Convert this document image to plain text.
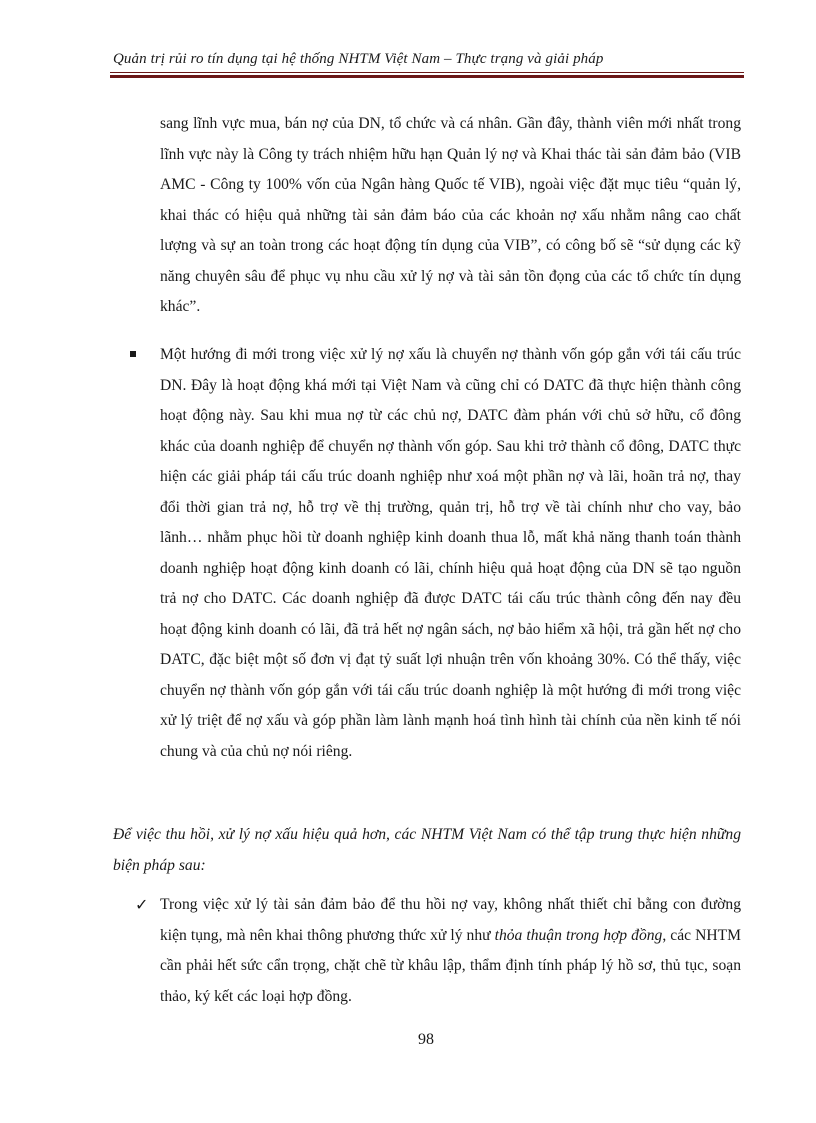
Quản trị rủi ro tín dụng tại hệ thống NHTM Việt Nam – Thực trạng và giải pháp

sang lĩnh vực mua, bán nợ của DN, tổ chức và cá nhân. Gần đây, thành viên mới nhất trong lĩnh vực này là Công ty trách nhiệm hữu hạn Quản lý nợ và Khai thác tài sản đảm bảo (VIB AMC - Công ty 100% vốn của Ngân hàng Quốc tế VIB), ngoài việc đặt mục tiêu “quản lý, khai thác có hiệu quả những tài sản đảm báo của các khoản nợ xấu nhằm nâng cao chất lượng và sự an toàn trong các hoạt động tín dụng của VIB”, có công bố sẽ “sử dụng các kỹ năng chuyên sâu để phục vụ nhu cầu xử lý nợ và tài sản tồn đọng của các tổ chức tín dụng khác”.

Một hướng đi mới trong việc xử lý nợ xấu là chuyển nợ thành vốn góp gắn với tái cấu trúc DN. Đây là hoạt động khá mới tại Việt Nam và cũng chỉ có DATC đã thực hiện thành công hoạt động này. Sau khi mua nợ từ các chủ nợ, DATC đàm phán với chủ sở hữu, cổ đông khác của doanh nghiệp để chuyển nợ thành vốn góp. Sau khi trở thành cổ đông, DATC thực hiện các giải pháp tái cấu trúc doanh nghiệp như xoá một phần nợ và lãi, hoãn trả nợ, thay đổi thời gian trả nợ, hỗ trợ về thị trường, quản trị, hỗ trợ về tài chính như cho vay, bảo lãnh… nhằm phục hồi từ doanh nghiệp kinh doanh thua lỗ, mất khả năng thanh toán thành doanh nghiệp hoạt động kinh doanh có lãi, chính hiệu quả hoạt động của DN sẽ tạo nguồn trả nợ cho DATC. Các doanh nghiệp đã được DATC tái cấu trúc thành công đến nay đều hoạt động kinh doanh có lãi, đã trả hết nợ ngân sách, nợ bảo hiểm xã hội, trả gần hết nợ cho DATC, đặc biệt một số đơn vị đạt tỷ suất lợi nhuận trên vốn khoảng 30%. Có thể thấy, việc chuyển nợ thành vốn góp gắn với tái cấu trúc doanh nghiệp là một hướng đi mới trong việc xử lý triệt để nợ xấu và góp phần làm lành mạnh hoá tình hình tài chính của nền kinh tế nói chung và của chủ nợ nói riêng.

Để việc thu hồi, xử lý nợ xấu hiệu quả hơn, các NHTM Việt Nam có thể tập trung thực hiện những biện pháp sau:

✓ Trong việc xử lý tài sản đảm bảo để thu hồi nợ vay, không nhất thiết chỉ bằng con đường kiện tụng, mà nên khai thông phương thức xử lý như thỏa thuận trong hợp đồng, các NHTM cần phải hết sức cẩn trọng, chặt chẽ từ khâu lập, thẩm định tính pháp lý hồ sơ, thủ tục, soạn thảo, ký kết các loại hợp đồng.

98
